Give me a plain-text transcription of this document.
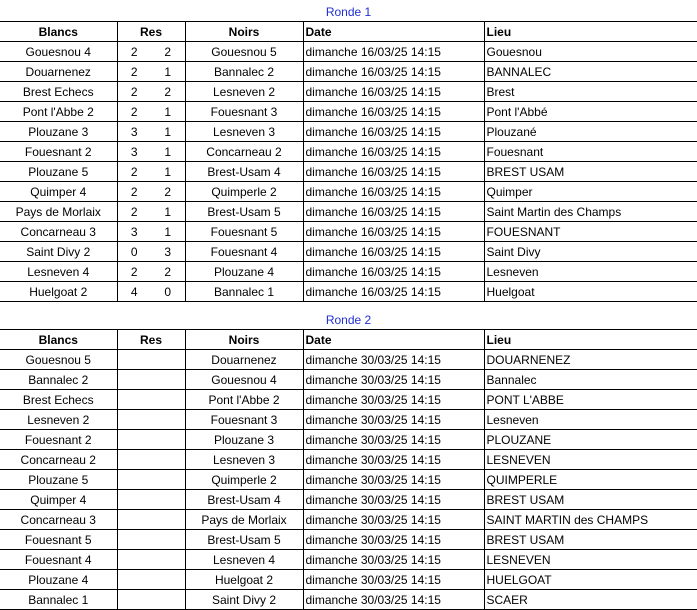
Ronde 1					
Blancs	Res		Noirs	Date	Lieu
Gouesnou 4	2	2	Gouesnou 5	dimanche 16/03/25 14:15	Gouesnou
Douarnenez	2	1	Bannalec 2	dimanche 16/03/25 14:15	BANNALEC
Brest Echecs	2	2	Lesneven 2	dimanche 16/03/25 14:15	Brest
Pont l'Abbe 2	2	1	Fouesnant 3	dimanche 16/03/25 14:15	Pont l'Abbé
Plouzane 3	3	1	Lesneven 3	dimanche 16/03/25 14:15	Plouzané
Fouesnant 2	3	1	Concarneau 2	dimanche 16/03/25 14:15	Fouesnant
Plouzane 5	2	1	Brest-Usam 4	dimanche 16/03/25 14:15	BREST USAM
Quimper 4	2	2	Quimperle 2	dimanche 16/03/25 14:15	Quimper
Pays de Morlaix	2	1	Brest-Usam 5	dimanche 16/03/25 14:15	Saint Martin des Champs
Concarneau 3	3	1	Fouesnant 5	dimanche 16/03/25 14:15	FOUESNANT
Saint Divy 2	0	3	Fouesnant 4	dimanche 16/03/25 14:15	Saint Divy
Lesneven 4	2	2	Plouzane 4	dimanche 16/03/25 14:15	Lesneven
Huelgoat 2	4	0	Bannalec 1	dimanche 16/03/25 14:15	Huelgoat
Ronde 2					
Blancs	Res		Noirs	Date	Lieu
Gouesnou 5			Douarnenez	dimanche 30/03/25 14:15	DOUARNENEZ
Bannalec 2			Gouesnou 4	dimanche 30/03/25 14:15	Bannalec
Brest Echecs			Pont l'Abbe 2	dimanche 30/03/25 14:15	PONT L'ABBE
Lesneven 2			Fouesnant 3	dimanche 30/03/25 14:15	Lesneven
Fouesnant 2			Plouzane 3	dimanche 30/03/25 14:15	PLOUZANE
Concarneau 2			Lesneven 3	dimanche 30/03/25 14:15	LESNEVEN
Plouzane 5			Quimperle 2	dimanche 30/03/25 14:15	QUIMPERLE
Quimper 4			Brest-Usam 4	dimanche 30/03/25 14:15	BREST USAM
Concarneau 3			Pays de Morlaix	dimanche 30/03/25 14:15	SAINT MARTIN des CHAMPS
Fouesnant 5			Brest-Usam 5	dimanche 30/03/25 14:15	BREST USAM
Fouesnant 4			Lesneven 4	dimanche 30/03/25 14:15	LESNEVEN
Plouzane 4			Huelgoat 2	dimanche 30/03/25 14:15	HUELGOAT
Bannalec 1			Saint Divy 2	dimanche 30/03/25 14:15	SCAER
